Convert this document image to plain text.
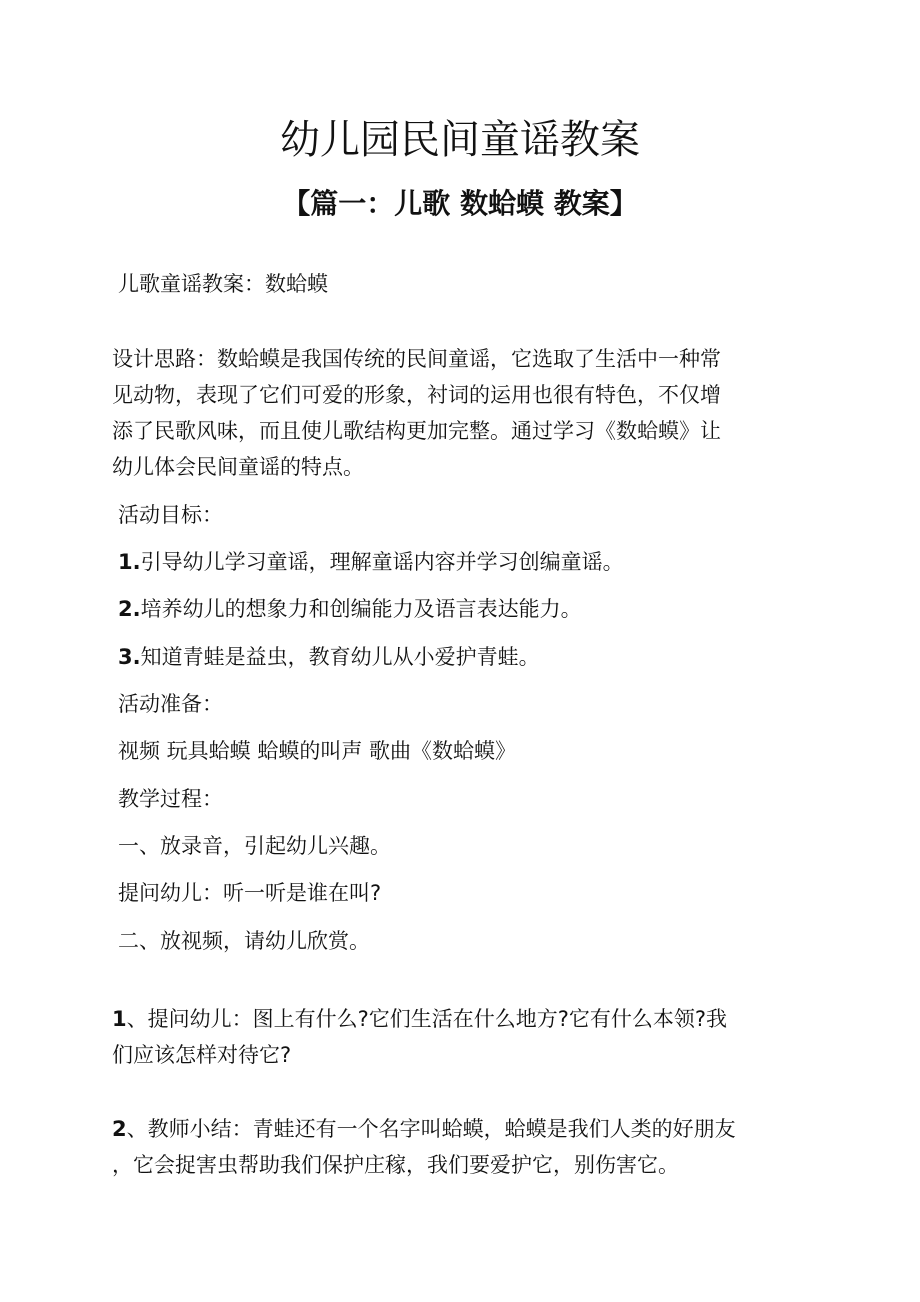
幼儿园民间童谣教案
【篇一：儿歌 数蛤蟆 教案】

儿歌童谣教案：数蛤蟆

设计思路：数蛤蟆是我国传统的民间童谣，它选取了生活中一种常
见动物，表现了它们可爱的形象，衬词的运用也很有特色，不仅增
添了民歌风味，而且使儿歌结构更加完整。通过学习《数蛤蟆》让
幼儿体会民间童谣的特点。

活动目标：

1.引导幼儿学习童谣，理解童谣内容并学习创编童谣。

2.培养幼儿的想象力和创编能力及语言表达能力。

3.知道青蛙是益虫，教育幼儿从小爱护青蛙。

活动准备：

视频 玩具蛤蟆 蛤蟆的叫声 歌曲《数蛤蟆》

教学过程：

一、放录音，引起幼儿兴趣。

提问幼儿：听一听是谁在叫?

二、放视频，请幼儿欣赏。

1、提问幼儿：图上有什么?它们生活在什么地方?它有什么本领?我
们应该怎样对待它?

2、教师小结：青蛙还有一个名字叫蛤蟆，蛤蟆是我们人类的好朋友
，它会捉害虫帮助我们保护庄稼，我们要爱护它，别伤害它。
